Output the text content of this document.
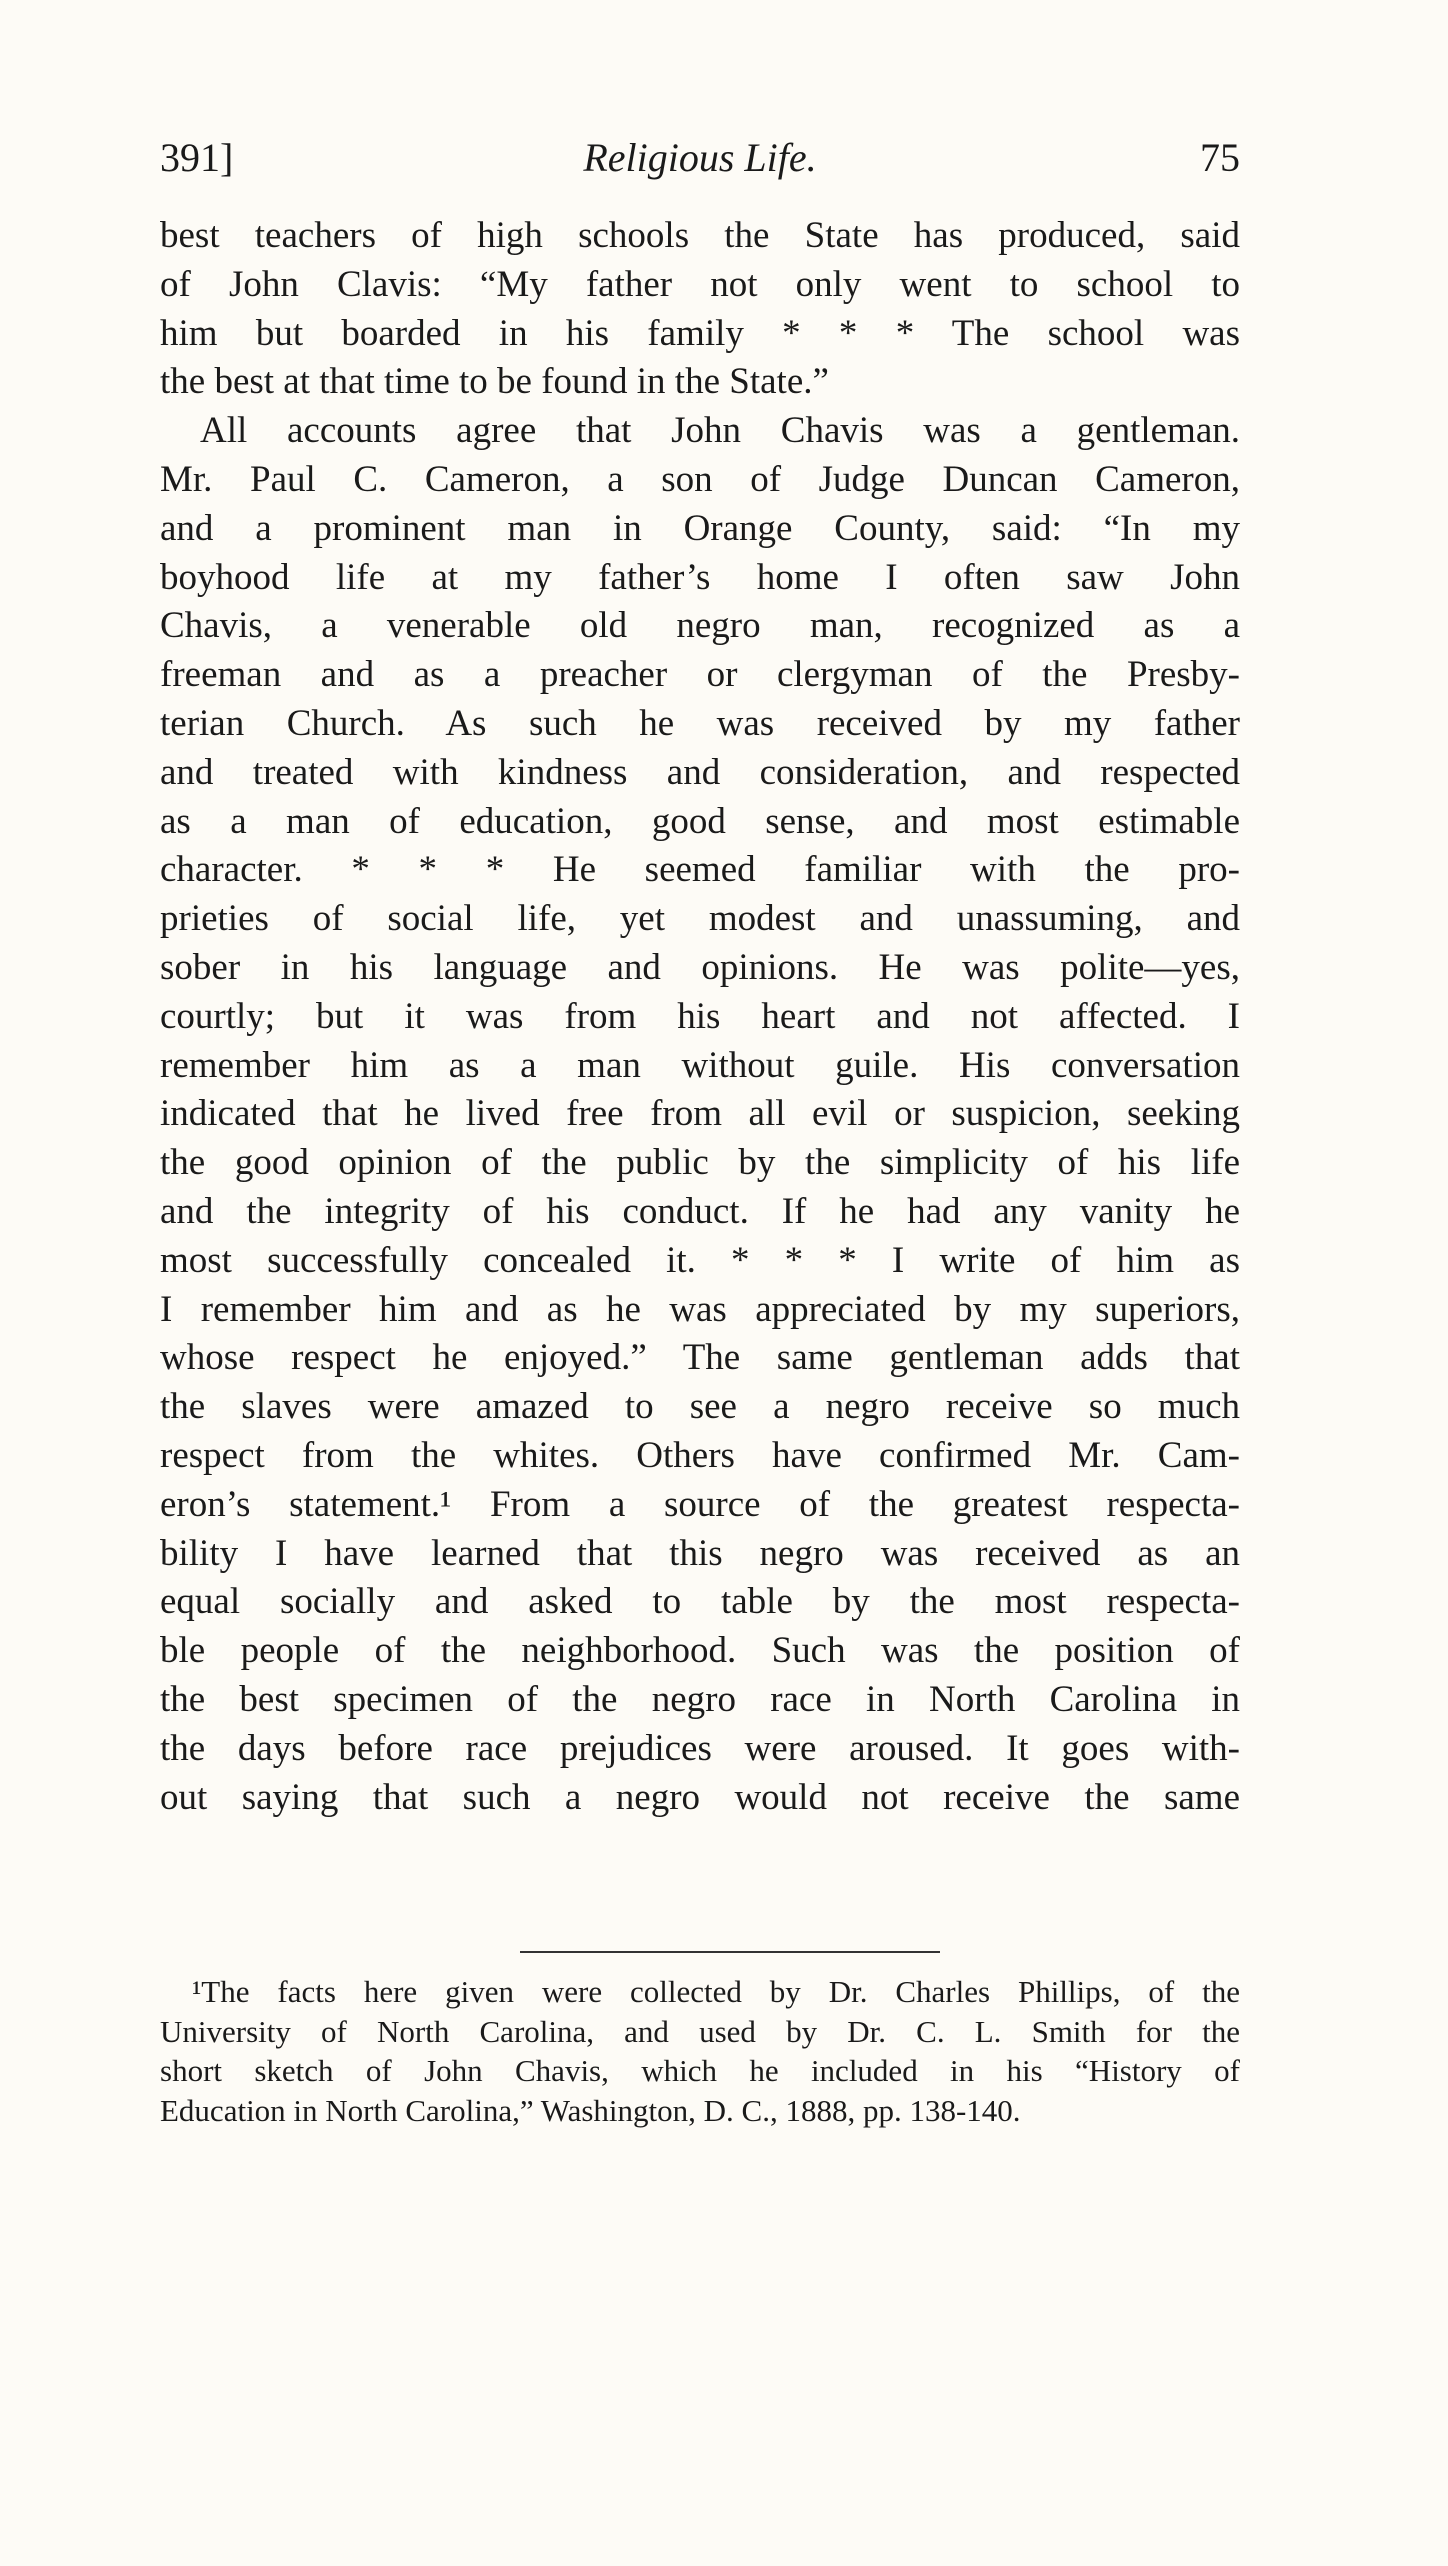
391]	Religious Life.	75
best teachers of high schools the State has produced, said
of John Clavis: “My father not only went to school to
him but boarded in his family * * * The school was
the best at that time to be found in the State.”
All accounts agree that John Chavis was a gentleman.
Mr. Paul C. Cameron, a son of Judge Duncan Cameron,
and a prominent man in Orange County, said: “In my
boyhood life at my father’s home I often saw John
Chavis, a venerable old negro man, recognized as a
freeman and as a preacher or clergyman of the Presby-
terian Church. As such he was received by my father
and treated with kindness and consideration, and respected
as a man of education, good sense, and most estimable
character. * * * He seemed familiar with the pro-
prieties of social life, yet modest and unassuming, and
sober in his language and opinions. He was polite—yes,
courtly; but it was from his heart and not affected. I
remember him as a man without guile. His conversation
indicated that he lived free from all evil or suspicion, seeking
the good opinion of the public by the simplicity of his life
and the integrity of his conduct. If he had any vanity he
most successfully concealed it. * * * I write of him as
I remember him and as he was appreciated by my superiors,
whose respect he enjoyed.” The same gentleman adds that
the slaves were amazed to see a negro receive so much
respect from the whites. Others have confirmed Mr. Cam-
eron’s statement.¹ From a source of the greatest respecta-
bility I have learned that this negro was received as an
equal socially and asked to table by the most respecta-
ble people of the neighborhood. Such was the position of
the best specimen of the negro race in North Carolina in
the days before race prejudices were aroused. It goes with-
out saying that such a negro would not receive the same
¹The facts here given were collected by Dr. Charles Phillips, of the
University of North Carolina, and used by Dr. C. L. Smith for the
short sketch of John Chavis, which he included in his “History of
Education in North Carolina,” Washington, D. C., 1888, pp. 138-140.
